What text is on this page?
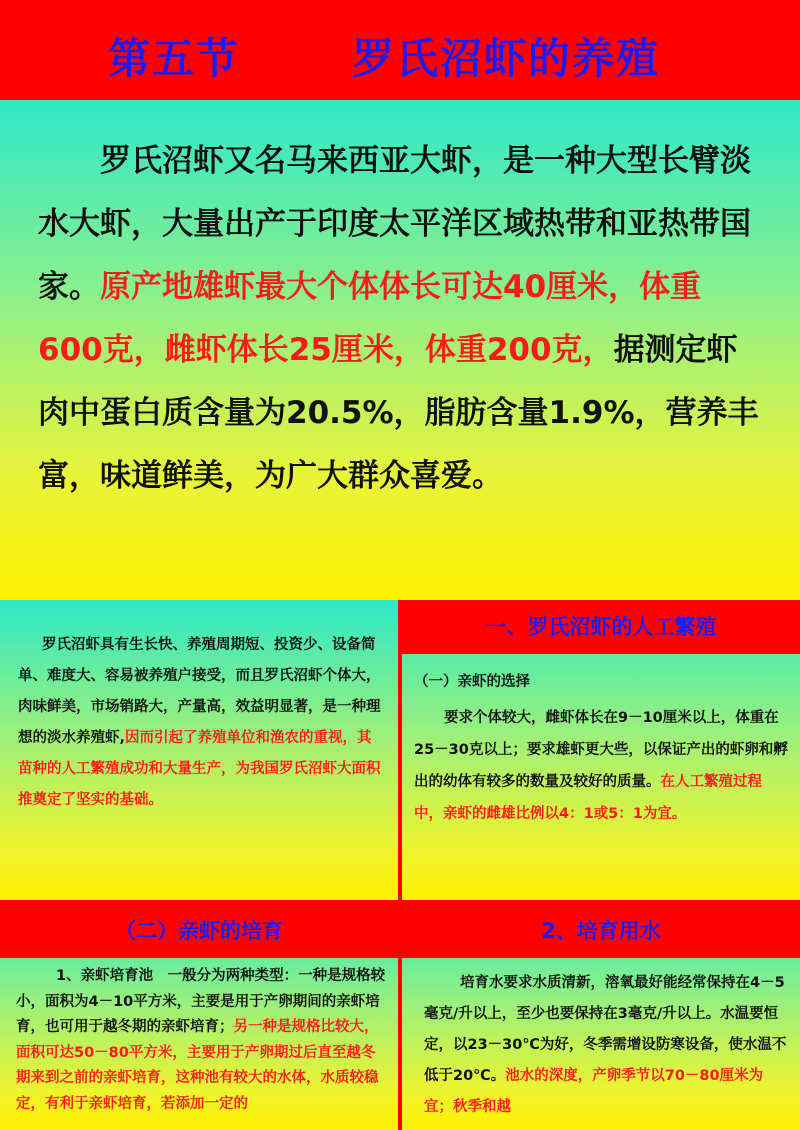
第五节	罗氏沼虾的养殖

罗氏沼虾又名马来西亚大虾，是一种大型长臂淡水大虾，大量出产于印度太平洋区域热带和亚热带国家。原产地雄虾最大个体体长可达40厘米，体重600克，雌虾体长25厘米，体重200克，据测定虾肉中蛋白质含量为20.5%，脂肪含量1.9%，营养丰富，味道鲜美，为广大群众喜爱。

罗氏沼虾具有生长快、养殖周期短、投资少、设备简单、难度大、容易被养殖户接受，而且罗氏沼虾个体大，肉味鲜美，市场销路大，产量高，效益明显著，是一种理想的淡水养殖虾,因而引起了养殖单位和渔农的重视，其苗种的人工繁殖成功和大量生产，为我国罗氏沼虾大面积推奠定了坚实的基础。

一、罗氏沼虾的人工繁殖
（一）亲虾的选择

要求个体较大，雌虾体长在9－10厘米以上，体重在25－30克以上；要求雄虾更大些，以保证产出的虾卵和孵出的幼体有较多的数量及较好的质量。在人工繁殖过程中，亲虾的雌雄比例以4：1或5：1为宜。

（二）亲虾的培育

1、亲虾培育池　一般分为两种类型：一种是规格较小，面积为4－10平方米，主要是用于产卵期间的亲虾培育，也可用于越冬期的亲虾培育；另一种是规格比较大，面积可达50－80平方米，主要用于产卵期过后直至越冬期来到之前的亲虾培育，这种池有较大的水体，水质较稳定，有利于亲虾培育，若添加一定的

2、培育用水

培育水要求水质清新，溶氧最好能经常保持在4－5毫克/升以上，至少也要保持在3毫克/升以上。水温要恒定，以23－30℃为好，冬季需增设防寒设备，使水温不低于20℃。池水的深度，产卵季节以70－80厘米为宜；秋季和越
